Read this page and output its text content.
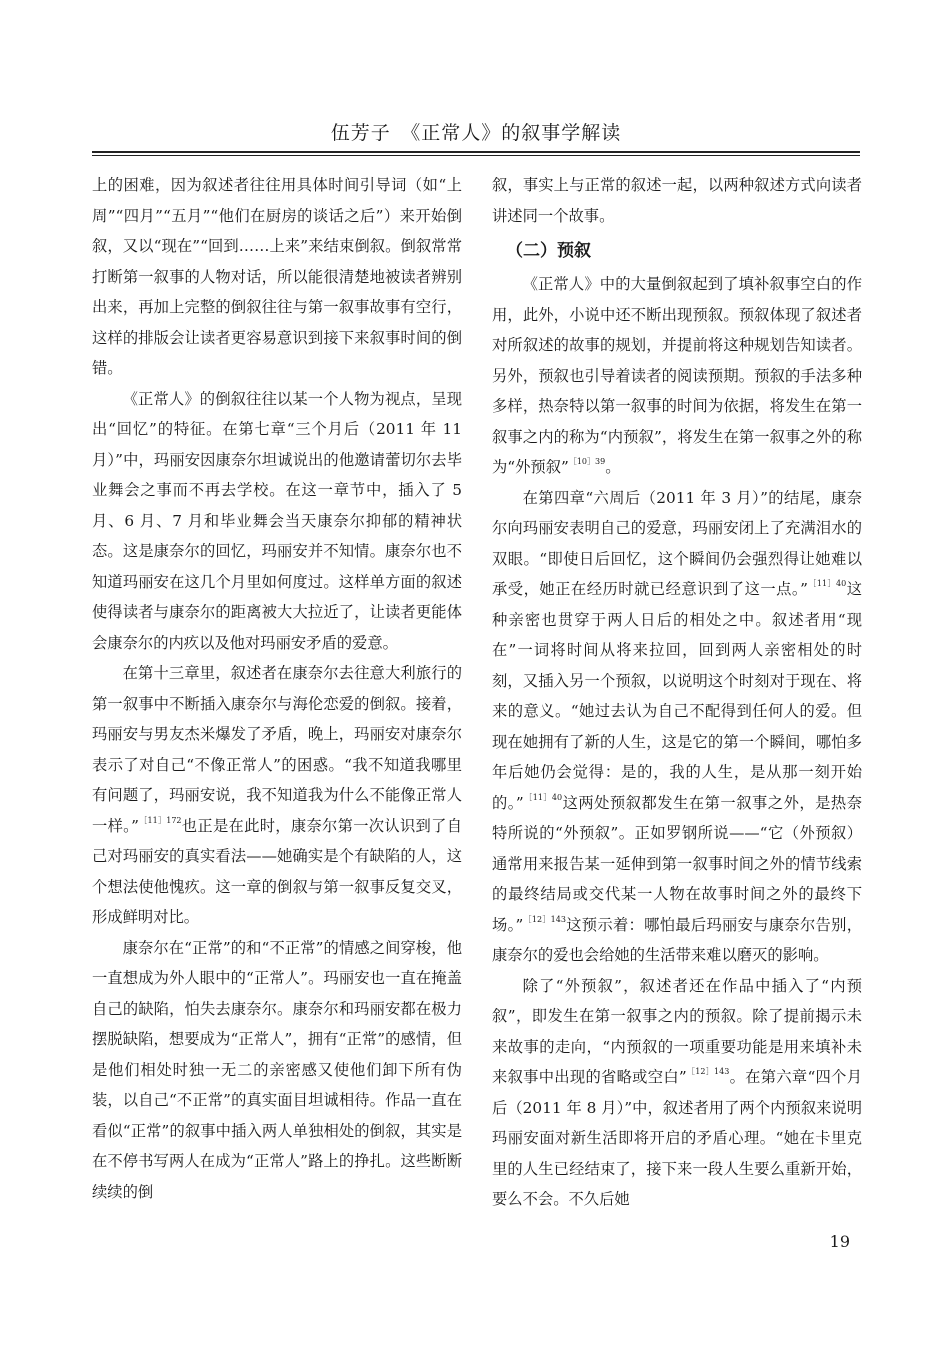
伍芳子　《正常人》的叙事学解读

上的困难，因为叙述者往往用具体时间引导词（如“上周”“四月”“五月”“他们在厨房的谈话之后”）来开始倒叙，又以“现在”“回到……上来”来结束倒叙。倒叙常常打断第一叙事的人物对话，所以能很清楚地被读者辨别出来，再加上完整的倒叙往往与第一叙事故事有空行，这样的排版会让读者更容易意识到接下来叙事时间的倒错。

《正常人》的倒叙往往以某一个人物为视点，呈现出“回忆”的特征。在第七章“三个月后（2011 年 11 月）”中，玛丽安因康奈尔坦诚说出的他邀请蕾切尔去毕业舞会之事而不再去学校。在这一章节中，插入了 5 月、6 月、7 月和毕业舞会当天康奈尔抑郁的精神状态。这是康奈尔的回忆，玛丽安并不知情。康奈尔也不知道玛丽安在这几个月里如何度过。这样单方面的叙述使得读者与康奈尔的距离被大大拉近了，让读者更能体会康奈尔的内疚以及他对玛丽安矛盾的爱意。

在第十三章里，叙述者在康奈尔去往意大利旅行的第一叙事中不断插入康奈尔与海伦恋爱的倒叙。接着，玛丽安与男友杰米爆发了矛盾，晚上，玛丽安对康奈尔表示了对自己“不像正常人”的困惑。“我不知道我哪里有问题了，玛丽安说，我不知道我为什么不能像正常人一样。”$^{[11]172}$也正是在此时，康奈尔第一次认识到了自己对玛丽安的真实看法——她确实是个有缺陷的人，这个想法使他愧疚。这一章的倒叙与第一叙事反复交叉，形成鲜明对比。

康奈尔在“正常”的和“不正常”的情感之间穿梭，他一直想成为外人眼中的“正常人”。玛丽安也一直在掩盖自己的缺陷，怕失去康奈尔。康奈尔和玛丽安都在极力摆脱缺陷，想要成为“正常人”，拥有“正常”的感情，但是他们相处时独一无二的亲密感又使他们卸下所有伪装，以自己“不正常”的真实面目坦诚相待。作品一直在看似“正常”的叙事中插入两人单独相处的倒叙，其实是在不停书写两人在成为“正常人”路上的挣扎。这些断断续续的倒

叙，事实上与正常的叙述一起，以两种叙述方式向读者讲述同一个故事。

（二）预叙

《正常人》中的大量倒叙起到了填补叙事空白的作用，此外，小说中还不断出现预叙。预叙体现了叙述者对所叙述的故事的规划，并提前将这种规划告知读者。另外，预叙也引导着读者的阅读预期。预叙的手法多种多样，热奈特以第一叙事的时间为依据，将发生在第一叙事之内的称为“内预叙”，将发生在第一叙事之外的称为“外预叙”$^{[10]39}$。

在第四章“六周后（2011 年 3 月）”的结尾，康奈尔向玛丽安表明自己的爱意，玛丽安闭上了充满泪水的双眼。“即使日后回忆，这个瞬间仍会强烈得让她难以承受，她正在经历时就已经意识到了这一点。”$^{[11]40}$这种亲密也贯穿于两人日后的相处之中。叙述者用“现在”一词将时间从将来拉回，回到两人亲密相处的时刻，又插入另一个预叙，以说明这个时刻对于现在、将来的意义。“她过去认为自己不配得到任何人的爱。但现在她拥有了新的人生，这是它的第一个瞬间，哪怕多年后她仍会觉得：是的，我的人生，是从那一刻开始的。”$^{[11]40}$这两处预叙都发生在第一叙事之外，是热奈特所说的“外预叙”。正如罗钢所说——“它（外预叙）通常用来报告某一延伸到第一叙事时间之外的情节线索的最终结局或交代某一人物在故事时间之外的最终下场。”$^{[12]143}$这预示着：哪怕最后玛丽安与康奈尔告别，康奈尔的爱也会给她的生活带来难以磨灭的影响。

除了“外预叙”，叙述者还在作品中插入了“内预叙”，即发生在第一叙事之内的预叙。除了提前揭示未来故事的走向，“内预叙的一项重要功能是用来填补未来叙事中出现的省略或空白”$^{[12]143}$。在第六章“四个月后（2011 年 8 月）”中，叙述者用了两个内预叙来说明玛丽安面对新生活即将开启的矛盾心理。“她在卡里克里的人生已经结束了，接下来一段人生要么重新开始，要么不会。不久后她

19
